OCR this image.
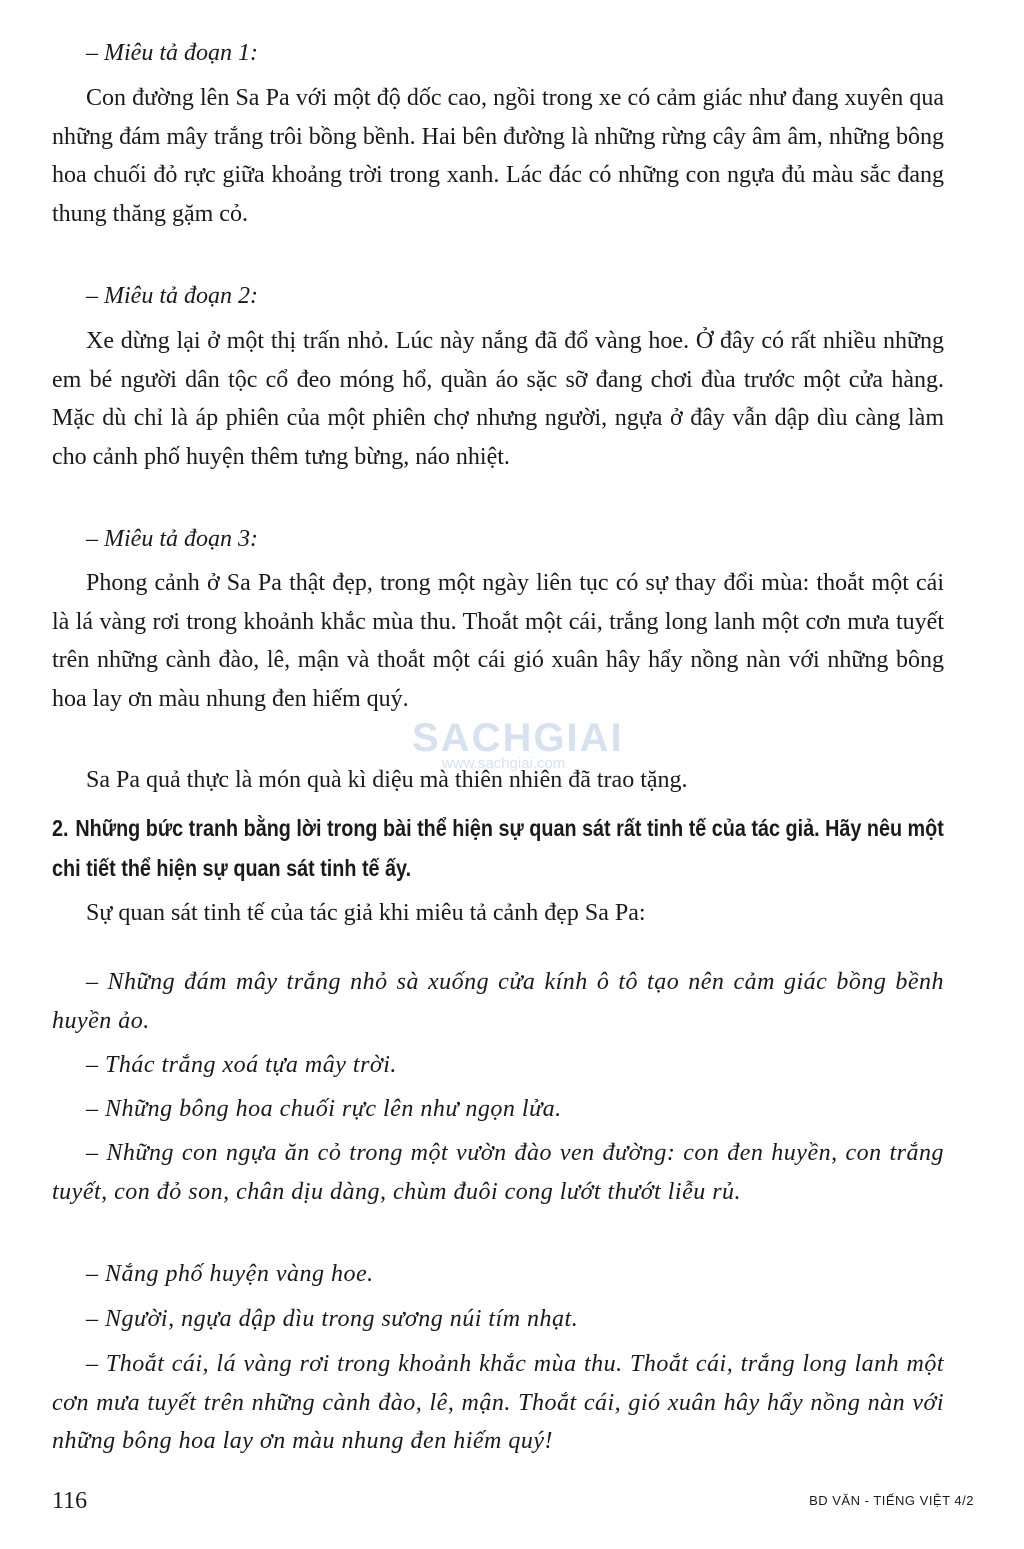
– Miêu tả đoạn 1:

Con đường lên Sa Pa với một độ dốc cao, ngồi trong xe có cảm giác như đang xuyên qua những đám mây trắng trôi bồng bềnh. Hai bên đường là những rừng cây âm âm, những bông hoa chuối đỏ rực giữa khoảng trời trong xanh. Lác đác có những con ngựa đủ màu sắc đang thung thăng gặm cỏ.

– Miêu tả đoạn 2:

Xe dừng lại ở một thị trấn nhỏ. Lúc này nắng đã đổ vàng hoe. Ở đây có rất nhiều những em bé người dân tộc cổ đeo móng hổ, quần áo sặc sỡ đang chơi đùa trước một cửa hàng. Mặc dù chỉ là áp phiên của một phiên chợ nhưng người, ngựa ở đây vẫn dập dìu càng làm cho cảnh phố huyện thêm tưng bừng, náo nhiệt.

– Miêu tả đoạn 3:

Phong cảnh ở Sa Pa thật đẹp, trong một ngày liên tục có sự thay đổi mùa: thoắt một cái là lá vàng rơi trong khoảnh khắc mùa thu. Thoắt một cái, trắng long lanh một cơn mưa tuyết trên những cành đào, lê, mận và thoắt một cái gió xuân hây hẩy nồng nàn với những bông hoa lay ơn màu nhung đen hiếm quý.

Sa Pa quả thực là món quà kì diệu mà thiên nhiên đã trao tặng.

2. Những bức tranh bằng lời trong bài thể hiện sự quan sát rất tinh tế của tác giả. Hãy nêu một chi tiết thể hiện sự quan sát tinh tế ấy.

Sự quan sát tinh tế của tác giả khi miêu tả cảnh đẹp Sa Pa:

– Những đám mây trắng nhỏ sà xuống cửa kính ô tô tạo nên cảm giác bồng bềnh huyền ảo.

– Thác trắng xoá tựa mây trời.

– Những bông hoa chuối rực lên như ngọn lửa.

– Những con ngựa ăn cỏ trong một vườn đào ven đường: con đen huyền, con trắng tuyết, con đỏ son, chân dịu dàng, chùm đuôi cong lướt thướt liễu rủ.

– Nắng phố huyện vàng hoe.

– Người, ngựa dập dìu trong sương núi tím nhạt.

– Thoắt cái, lá vàng rơi trong khoảnh khắc mùa thu. Thoắt cái, trắng long lanh một cơn mưa tuyết trên những cành đào, lê, mận. Thoắt cái, gió xuân hây hẩy nồng nàn với những bông hoa lay ơn màu nhung đen hiếm quý!

116	BD VĂN - TIẾNG VIỆT 4/2
SACHGIAI
www.sachgiai.com
